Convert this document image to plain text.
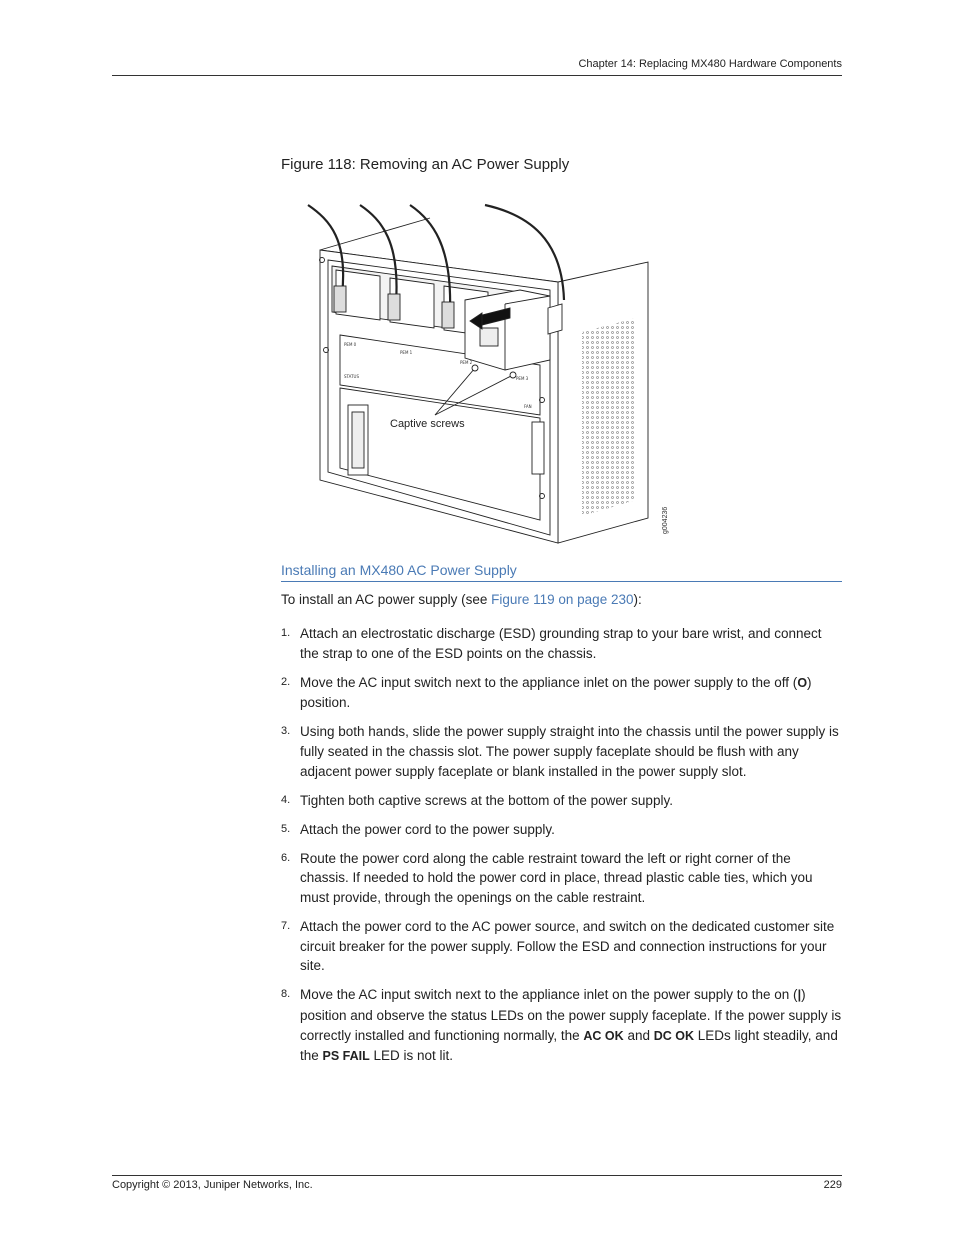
Chapter 14: Replacing MX480 Hardware Components
Figure 118: Removing an AC Power Supply
PEM 0
PEM 1
PEM 2
PEM 3
STATUS
FAN
Captive screws
g004236
Installing an MX480 AC Power Supply
To install an AC power supply (see Figure 119 on page 230):
1. Attach an electrostatic discharge (ESD) grounding strap to your bare wrist, and connect the strap to one of the ESD points on the chassis.
2. Move the AC input switch next to the appliance inlet on the power supply to the off (O) position.
3. Using both hands, slide the power supply straight into the chassis until the power supply is fully seated in the chassis slot. The power supply faceplate should be flush with any adjacent power supply faceplate or blank installed in the power supply slot.
4. Tighten both captive screws at the bottom of the power supply.
5. Attach the power cord to the power supply.
6. Route the power cord along the cable restraint toward the left or right corner of the chassis. If needed to hold the power cord in place, thread plastic cable ties, which you must provide, through the openings on the cable restraint.
7. Attach the power cord to the AC power source, and switch on the dedicated customer site circuit breaker for the power supply. Follow the ESD and connection instructions for your site.
8. Move the AC input switch next to the appliance inlet on the power supply to the on (|) position and observe the status LEDs on the power supply faceplate. If the power supply is correctly installed and functioning normally, the AC OK and DC OK LEDs light steadily, and the PS FAIL LED is not lit.
Copyright © 2013, Juniper Networks, Inc.	229
